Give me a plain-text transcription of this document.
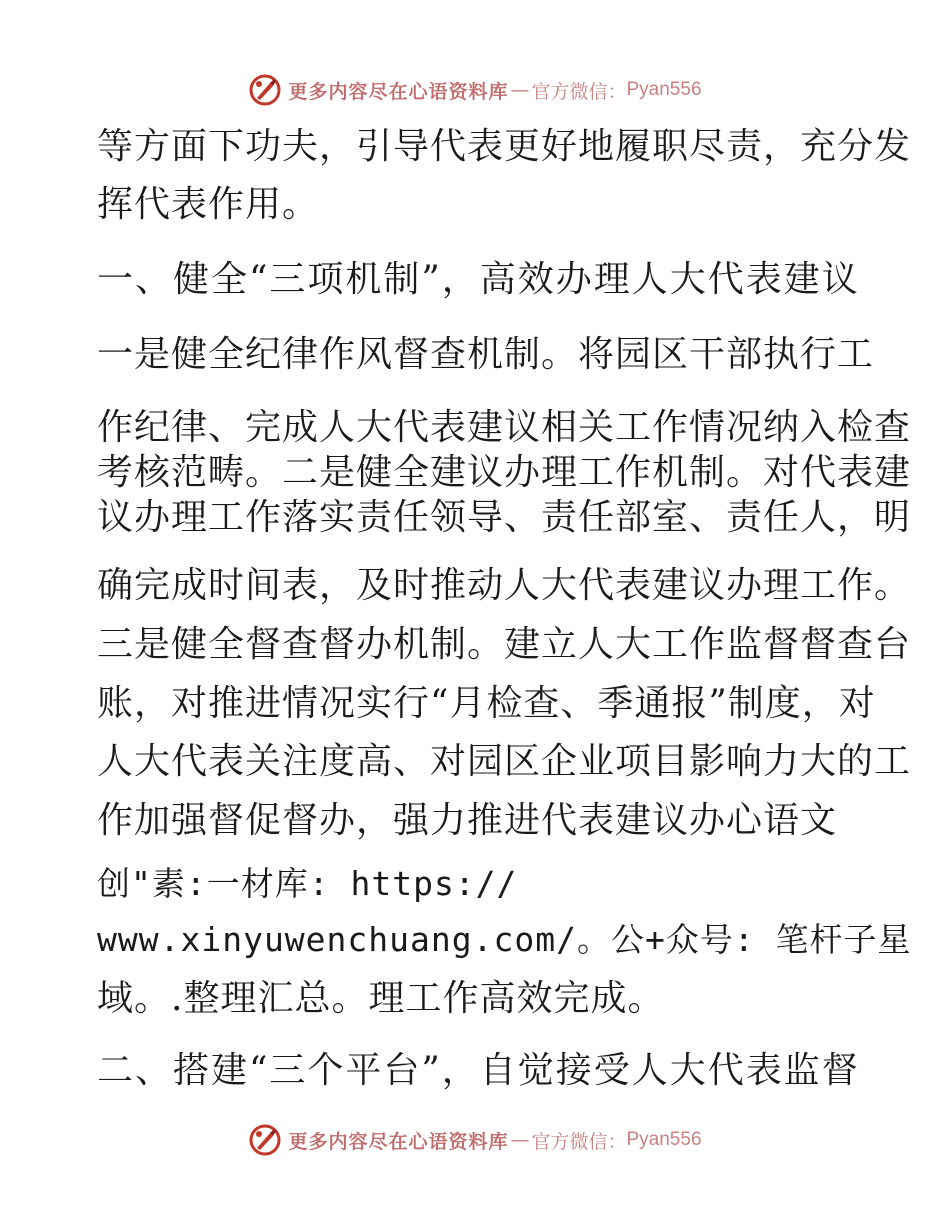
更多内容尽在心语资料库 — 官方微信： Pyan556
等方面下功夫，引导代表更好地履职尽责，充分发
挥代表作用。
一、健全“三项机制”，高效办理人大代表建议
一是健全纪律作风督查机制。将园区干部执行工
作纪律、完成人大代表建议相关工作情况纳入检查
考核范畴。二是健全建议办理工作机制。对代表建
议办理工作落实责任领导、责任部室、责任人，明
确完成时间表，及时推动人大代表建议办理工作。
三是健全督查督办机制。建立人大工作监督督查台
账，对推进情况实行“月检查、季通报”制度，对
人大代表关注度高、对园区企业项目影响力大的工
作加强督促督办，强力推进代表建议办心语文
创"素:一材库: https://
www.xinyuwenchuang.com/。公+众号: 笔杆子星
域。.整理汇总。理工作高效完成。
二、搭建“三个平台”，自觉接受人大代表监督
更多内容尽在心语资料库 — 官方微信： Pyan556
